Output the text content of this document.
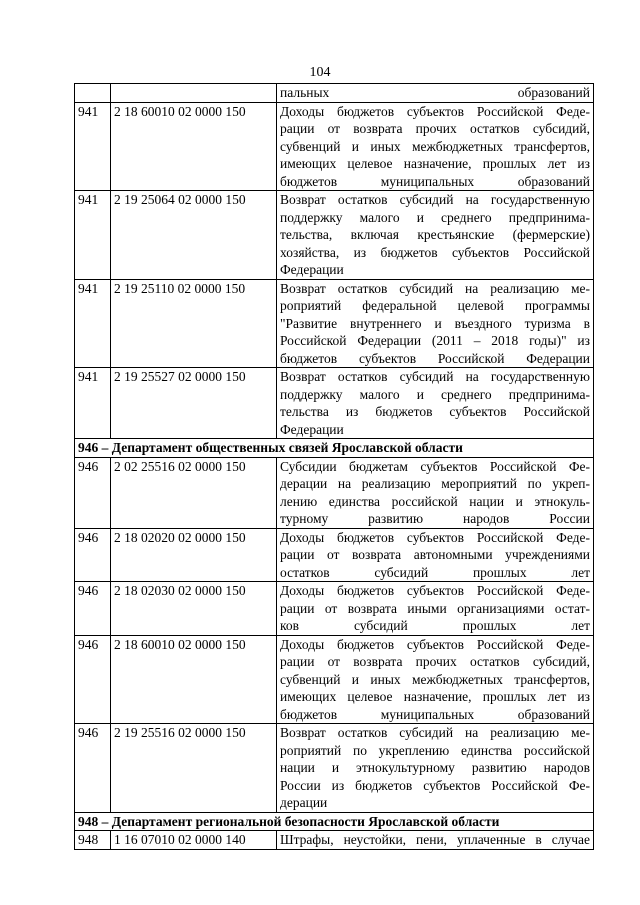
104
		пальных образований
941	2 18 60010 02 0000 150	Доходы бюджетов субъектов Российской Феде-
рации от возврата прочих остатков субсидий,
субвенций и иных межбюджетных трансфертов,
имеющих целевое назначение, прошлых лет из
бюджетов муниципальных образований
941	2 19 25064 02 0000 150	Возврат остатков субсидий на государственную
поддержку малого и среднего предпринима-
тельства, включая крестьянские (фермерские)
хозяйства, из бюджетов субъектов Российской
Федерации
941	2 19 25110 02 0000 150	Возврат остатков субсидий на реализацию ме-
роприятий федеральной целевой программы
"Развитие внутреннего и въездного туризма в
Российской Федерации (2011 – 2018 годы)" из
бюджетов субъектов Российской Федерации
941	2 19 25527 02 0000 150	Возврат остатков субсидий на государственную
поддержку малого и среднего предпринима-
тельства из бюджетов субъектов Российской
Федерации
946 – Департамент общественных связей Ярославской области		
946	2 02 25516 02 0000 150	Субсидии бюджетам субъектов Российской Фе-
дерации на реализацию мероприятий по укреп-
лению единства российской нации и этнокуль-
турному развитию народов России
946	2 18 02020 02 0000 150	Доходы бюджетов субъектов Российской Феде-
рации от возврата автономными учреждениями
остатков субсидий прошлых лет
946	2 18 02030 02 0000 150	Доходы бюджетов субъектов Российской Феде-
рации от возврата иными организациями остат-
ков субсидий прошлых лет
946	2 18 60010 02 0000 150	Доходы бюджетов субъектов Российской Феде-
рации от возврата прочих остатков субсидий,
субвенций и иных межбюджетных трансфертов,
имеющих целевое назначение, прошлых лет из
бюджетов муниципальных образований
946	2 19 25516 02 0000 150	Возврат остатков субсидий на реализацию ме-
роприятий по укреплению единства российской
нации и этнокультурному развитию народов
России из бюджетов субъектов Российской Фе-
дерации
948 – Департамент региональной безопасности Ярославской области		
948	1 16 07010 02 0000 140	Штрафы, неустойки, пени, уплаченные в случае
